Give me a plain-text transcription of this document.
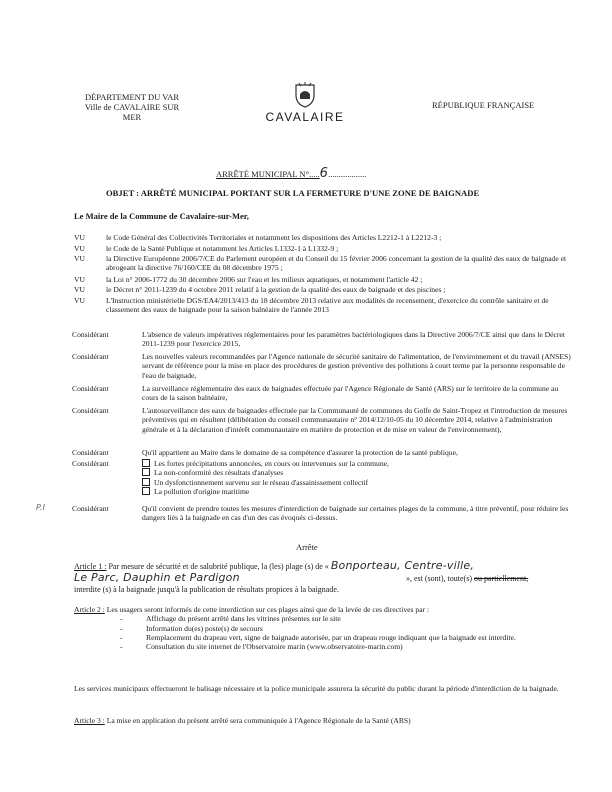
DÉPARTEMENT DU VAR
Ville de CAVALAIRE SUR
MER	CAVALAIRE
RÉPUBLIQUE FRANÇAISE
ARRÊTÉ MUNICIPAL N°.....6..................
OBJET : ARRÊTÉ MUNICIPAL PORTANT SUR LA FERMETURE D'UNE ZONE DE BAIGNADE
Le Maire de la Commune de Cavalaire-sur-Mer,
VU	le Code Général des Collectivités Territoriales et notamment les dispositions des Articles L2212-1 à L2212-3 ;
VU	le Code de la Santé Publique et notamment les Articles L1332-1 à L1332-9 ;
VU	la Directive Européenne 2006/7/CE du Parlement européen et du Conseil du 15 février 2006 concernant la gestion de la qualité des eaux de baignade et abrogeant la directive 76/160/CEE du 08 décembre 1975 ;
VU	la Loi n° 2006-1772 du 30 décembre 2006 sur l'eau et les milieux aquatiques, et notamment l'article 42 ;
VU	le Décret n° 2011-1239 du 4 octobre 2011 relatif à la gestion de la qualité des eaux de baignade et des piscines ;
VU	L'Instruction ministérielle DGS/EA4/2013/413 du 18 décembre 2013 relative aux modalités de recensement, d'exercice du contrôle sanitaire et de classement des eaux de baignade pour la saison balnéaire de l'année 2013
Considérant	L'absence de valeurs impératives réglementaires pour les paramètres bactériologiques dans la Directive 2006/7/CE ainsi que dans le Décret 2011-1239 pour l'exercice 2015,
Considérant	Les nouvelles valeurs recommandées par l'Agence nationale de sécurité sanitaire de l'alimentation, de l'environnement et du travail (ANSES) servant de référence pour la mise en place des procédures de gestion préventive des pollutions à court terme par la personne responsable de l'eau de baignade,
Considérant	La surveillance réglementaire des eaux de baignades effectuée par l'Agence Régionale de Santé (ARS) sur le territoire de la commune au cours de la saison balnéaire,
Considérant	L'autosurveillance des eaux de baignades effectuée par la Communauté de communes du Golfe de Saint-Tropez et l'introduction de mesures préventives qui en résultent (délibération du conseil communautaire n° 2014/12/10-05 du 10 décembre 2014, relative à l'administration générale et à la déclaration d'intérêt communautaire en matière de protection et de mise en valeur de l'environnement),
Considérant	Qu'il appartient au Maire dans le domaine de sa compétence d'assurer la protection de la santé publique,
Considérant	Les fortes précipitations annoncées, en cours ou intervenues sur la commune,
La non-conformité des résultats d'analyses
Un dysfonctionnement survenu sur le réseau d'assainissement collectif
La pollution d'origine maritime
Considérant	Qu'il convient de prendre toutes les mesures d'interdiction de baignade sur certaines plages de la commune, à titre préventif, pour réduire les dangers liés à la baignade en cas d'un des cas évoqués ci-dessus.
P.I
Arrête
Article 1 : Par mesure de sécurité et de salubrité publique, la (les) plage (s) de « Bonporteau, Centre-ville,
Le Parc, Dauphin et Pardigon	», est (sont), toute(s) ou partiellement,
interdite (s) à la baignade jusqu'à la publication de résultats propices à la baignade.
Article 2 : Les usagers seront informés de cette interdiction sur ces plages ainsi que de la levée de ces directives par :
- Affichage du présent arrêté dans les vitrines présentes sur le site
- Information du(es) poste(s) de secours
- Remplacement du drapeau vert, signe de baignade autorisée, par un drapeau rouge indiquant que la baignade est interdite.
- Consultation du site internet de l'Observatoire marin (www.observatoire-marin.com)
Les services municipaux effectueront le balisage nécessaire et la police municipale assurera la sécurité du public durant la période d'interdiction de la baignade.
Article 3 : La mise en application du présent arrêté sera communiquée à l'Agence Régionale de la Santé (ARS)
